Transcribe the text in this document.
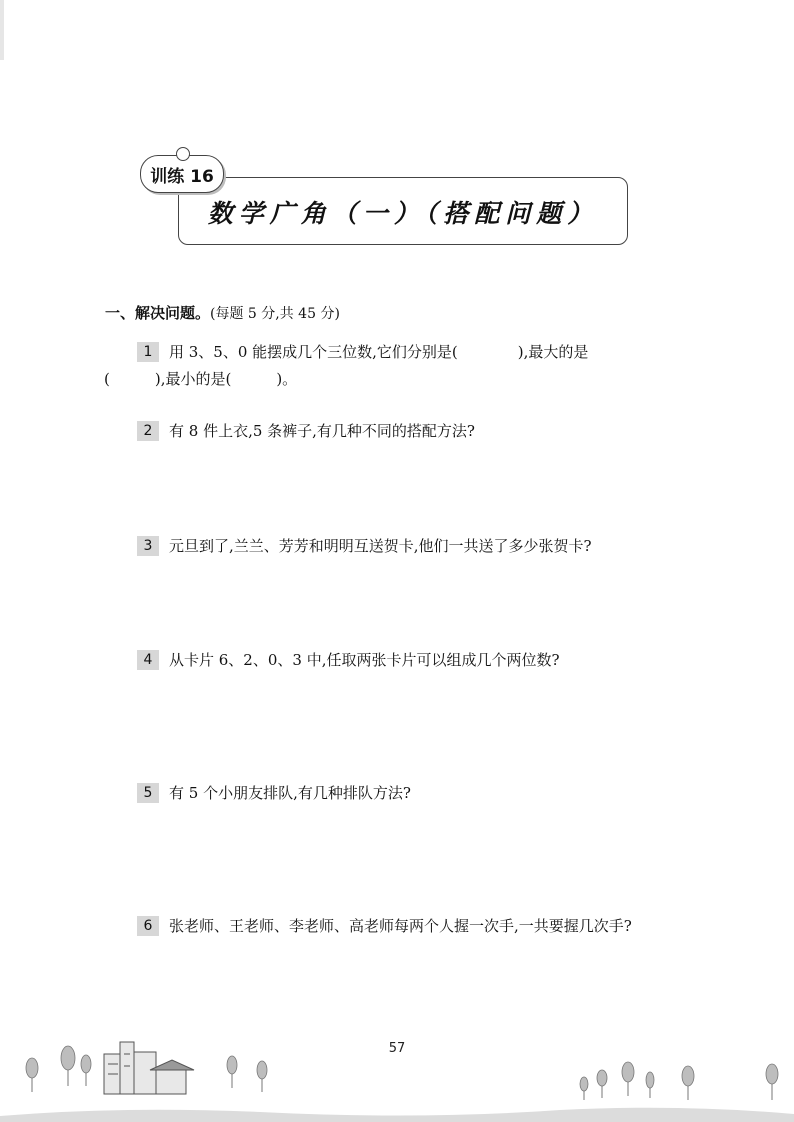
数学广角（一）（搭配问题）
训练 16
一、解决问题。(每题 5 分,共 45 分)
1 用 3、5、0 能摆成几个三位数,它们分别是(　　　　),最大的是
(　　　),最小的是(　　　)。
2 有 8 件上衣,5 条裤子,有几种不同的搭配方法?
3 元旦到了,兰兰、芳芳和明明互送贺卡,他们一共送了多少张贺卡?
4 从卡片 6、2、0、3 中,任取两张卡片可以组成几个两位数?
5 有 5 个小朋友排队,有几种排队方法?
6 张老师、王老师、李老师、高老师每两个人握一次手,一共要握几次手?
57
